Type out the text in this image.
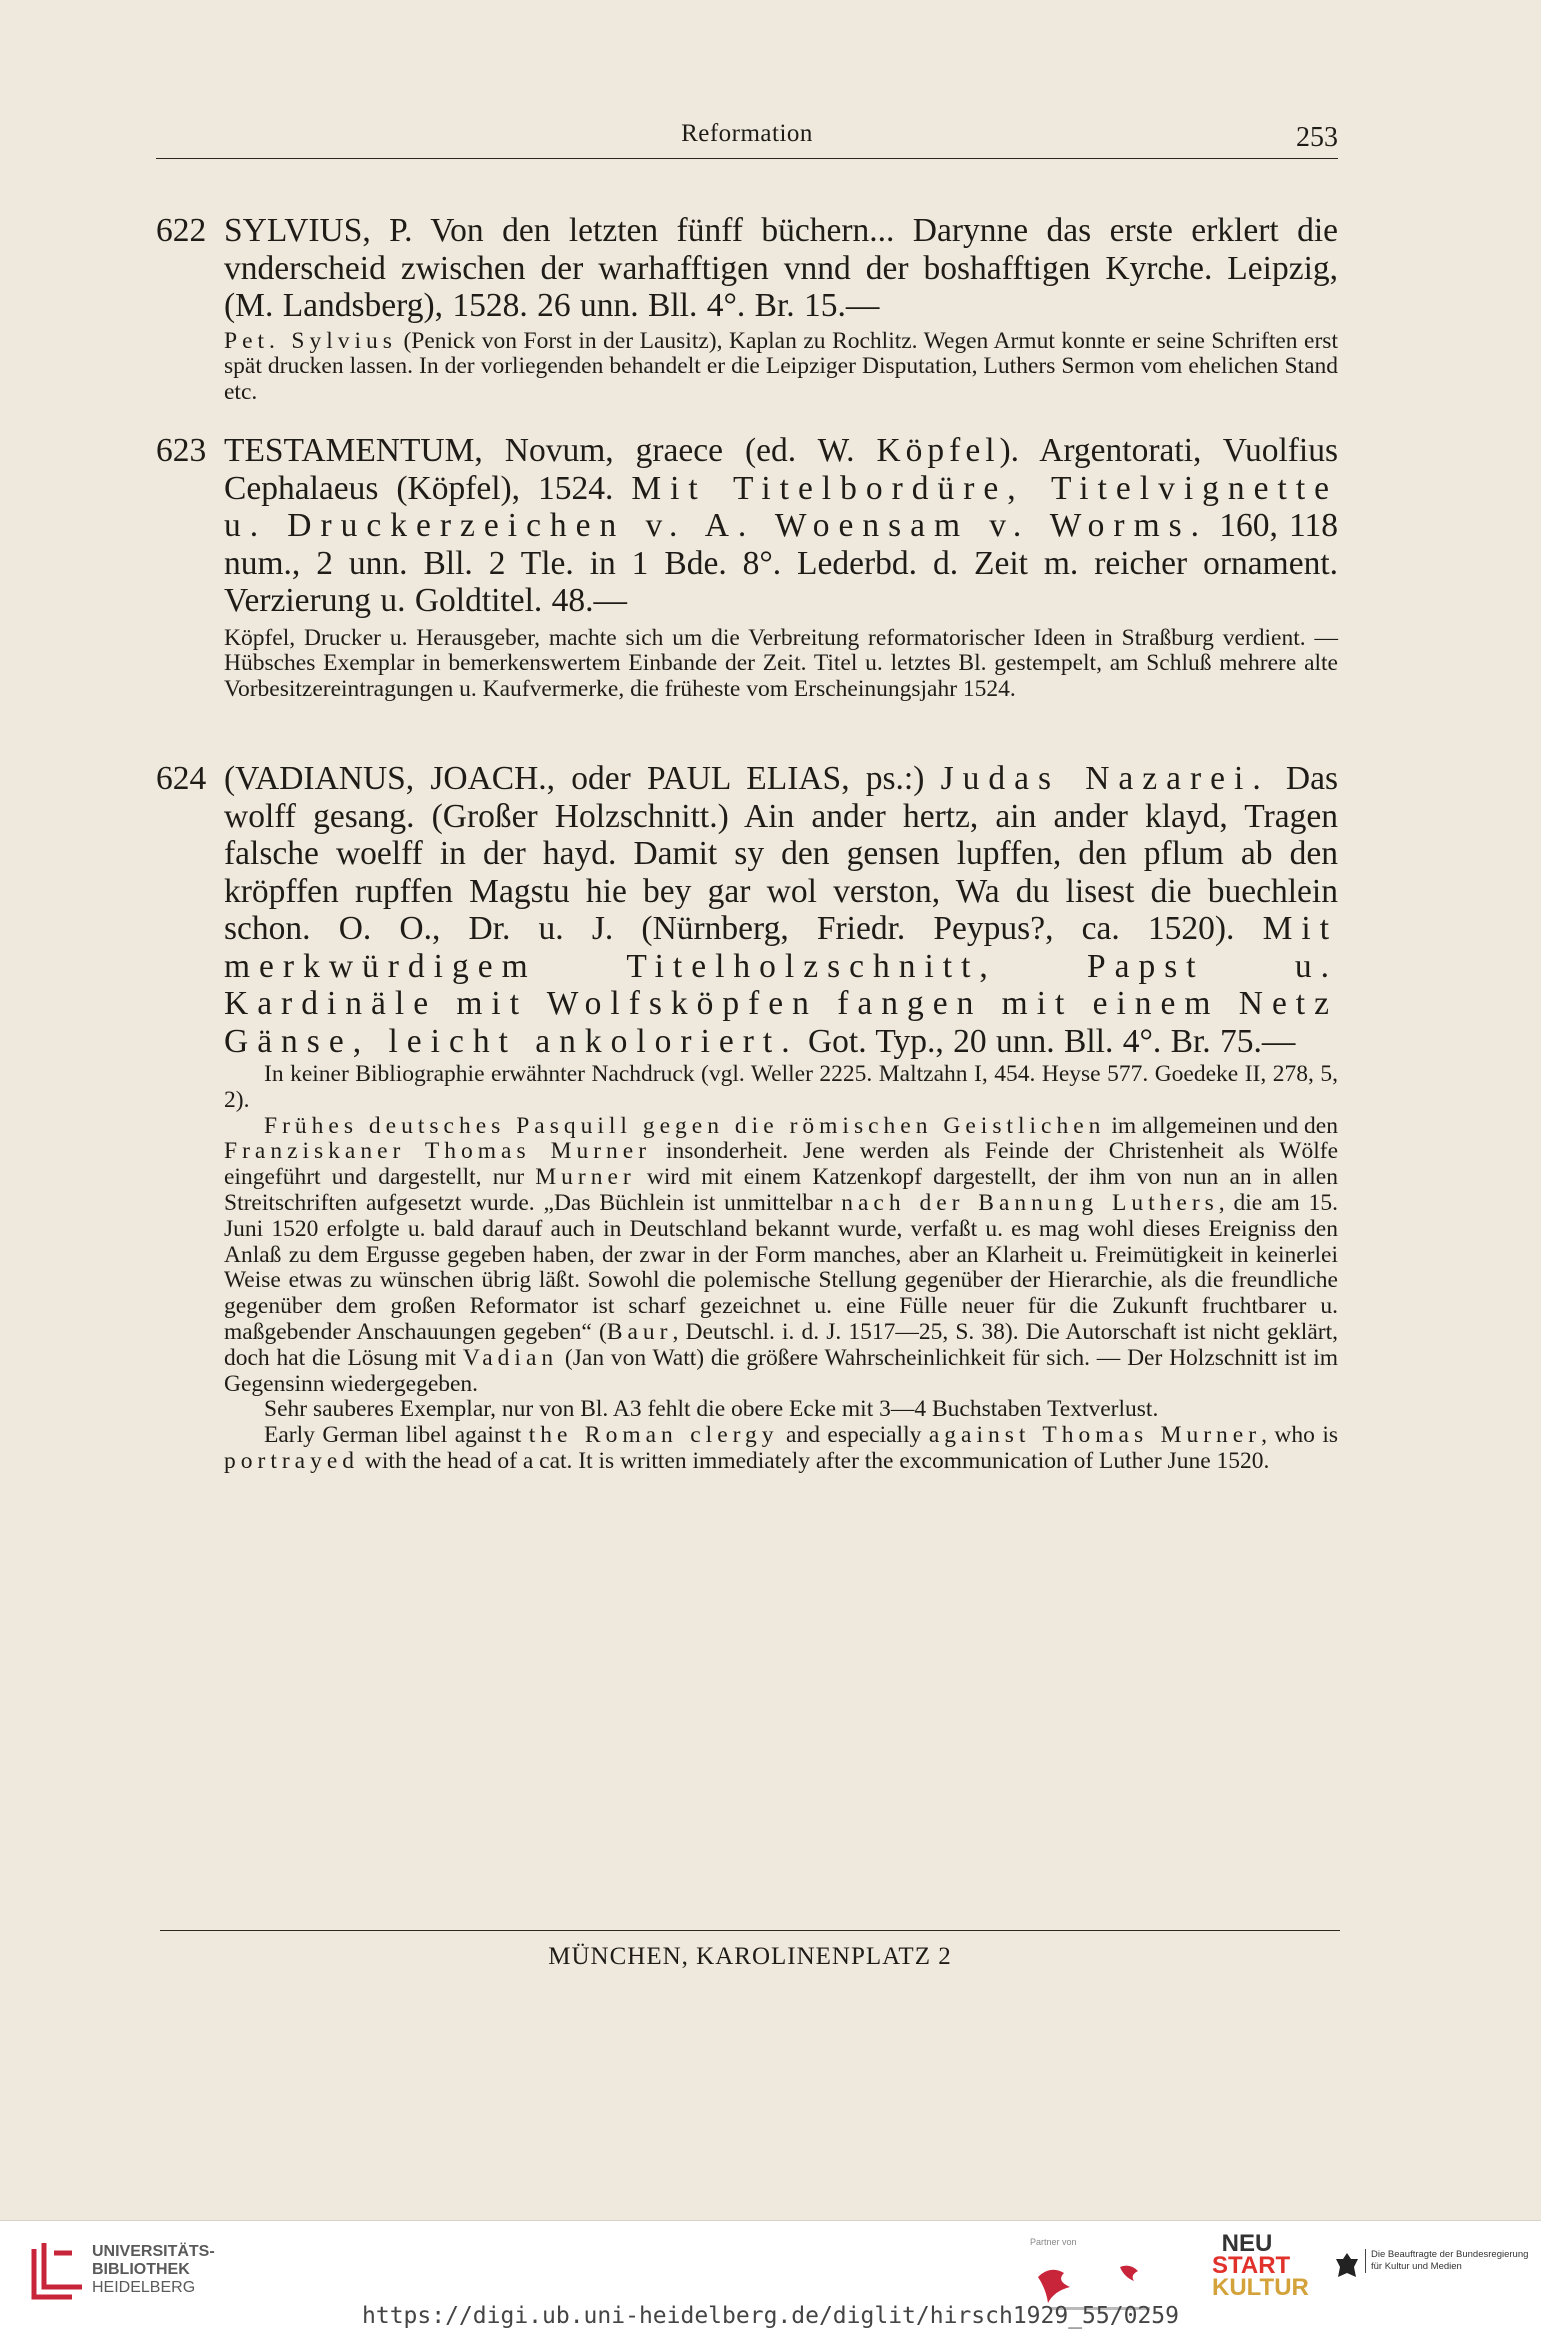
Reformation	253
622 SYLVIUS, P. Von den letzten fünff büchern... Darynne das erste erklert die vnderscheid zwischen der warhafftigen vnnd der boshafftigen Kyrche. Leipzig, (M. Landsberg), 1528. 26 unn. Bll. 4°. Br. 15.—
Pet. Sylvius (Penick von Forst in der Lausitz), Kaplan zu Rochlitz. Wegen Armut konnte er seine Schriften erst spät drucken lassen. In der vorliegenden behandelt er die Leipziger Disputation, Luthers Sermon vom ehelichen Stand etc.
623 TESTAMENTUM, Novum, graece (ed. W. Köpfel). Argentorati, Vuolfius Cephalaeus (Köpfel), 1524. Mit Titelbordüre, Titelvignette u. Druckerzeichen v. A. Woensam v. Worms. 160, 118 num., 2 unn. Bll. 2 Tle. in 1 Bde. 8°. Lederbd. d. Zeit m. reicher ornament. Verzierung u. Goldtitel. 48.—
Köpfel, Drucker u. Herausgeber, machte sich um die Verbreitung reformatorischer Ideen in Straßburg verdient. — Hübsches Exemplar in bemerkenswertem Einbande der Zeit. Titel u. letztes Bl. gestempelt, am Schluß mehrere alte Vorbesitzereintragungen u. Kaufvermerke, die früheste vom Erscheinungsjahr 1524.
624 (VADIANUS, JOACH., oder PAUL ELIAS, ps.:) Judas Nazarei. Das wolff gesang. (Großer Holzschnitt.) Ain ander hertz, ain ander klayd, Tragen falsche woelff in der hayd. Damit sy den gensen lupffen, den pflum ab den kröpffen rupffen Magstu hie bey gar wol verston, Wa du lisest die buechlein schon. O. O., Dr. u. J. (Nürnberg, Friedr. Peypus?, ca. 1520). Mit merkwürdigem Titelholzschnitt, Papst u. Kardinäle mit Wolfsköpfen fangen mit einem Netz Gänse, leicht ankoloriert. Got. Typ., 20 unn. Bll. 4°. Br. 75.—
In keiner Bibliographie erwähnter Nachdruck (vgl. Weller 2225. Maltzahn I, 454. Heyse 577. Goedeke II, 278, 5, 2).
Frühes deutsches Pasquill gegen die römischen Geistlichen im allgemeinen und den Franziskaner Thomas Murner insonderheit. Jene werden als Feinde der Christenheit als Wölfe eingeführt und dargestellt, nur Murner wird mit einem Katzenkopf dargestellt, der ihm von nun an in allen Streitschriften aufgesetzt wurde. „Das Büchlein ist unmittelbar nach der Bannung Luthers, die am 15. Juni 1520 erfolgte u. bald darauf auch in Deutschland bekannt wurde, verfaßt u. es mag wohl dieses Ereigniss den Anlaß zu dem Ergusse gegeben haben, der zwar in der Form manches, aber an Klarheit u. Freimütigkeit in keinerlei Weise etwas zu wünschen übrig läßt. Sowohl die polemische Stellung gegenüber der Hierarchie, als die freundliche gegenüber dem großen Reformator ist scharf gezeichnet u. eine Fülle neuer für die Zukunft fruchtbarer u. maßgebender Anschauungen gegeben“ (Baur, Deutschl. i. d. J. 1517—25, S. 38). Die Autorschaft ist nicht geklärt, doch hat die Lösung mit Vadian (Jan von Watt) die größere Wahrscheinlichkeit für sich. — Der Holzschnitt ist im Gegensinn wiedergegeben.
Sehr sauberes Exemplar, nur von Bl. A3 fehlt die obere Ecke mit 3—4 Buchstaben Textverlust.
Early German libel against the Roman clergy and especially against Thomas Murner, who is portrayed with the head of a cat. It is written immediately after the excommunication of Luther June 1520.
MÜNCHEN, KAROLINENPLATZ 2
UNIVERSITÄTS-
BIBLIOTHEK
HEIDELBERG
Partner von	NEU
START
KULTUR
Die Beauftragte der Bundesregierung für Kultur und Medien
https://digi.ub.uni-heidelberg.de/diglit/hirsch1929_55/0259
